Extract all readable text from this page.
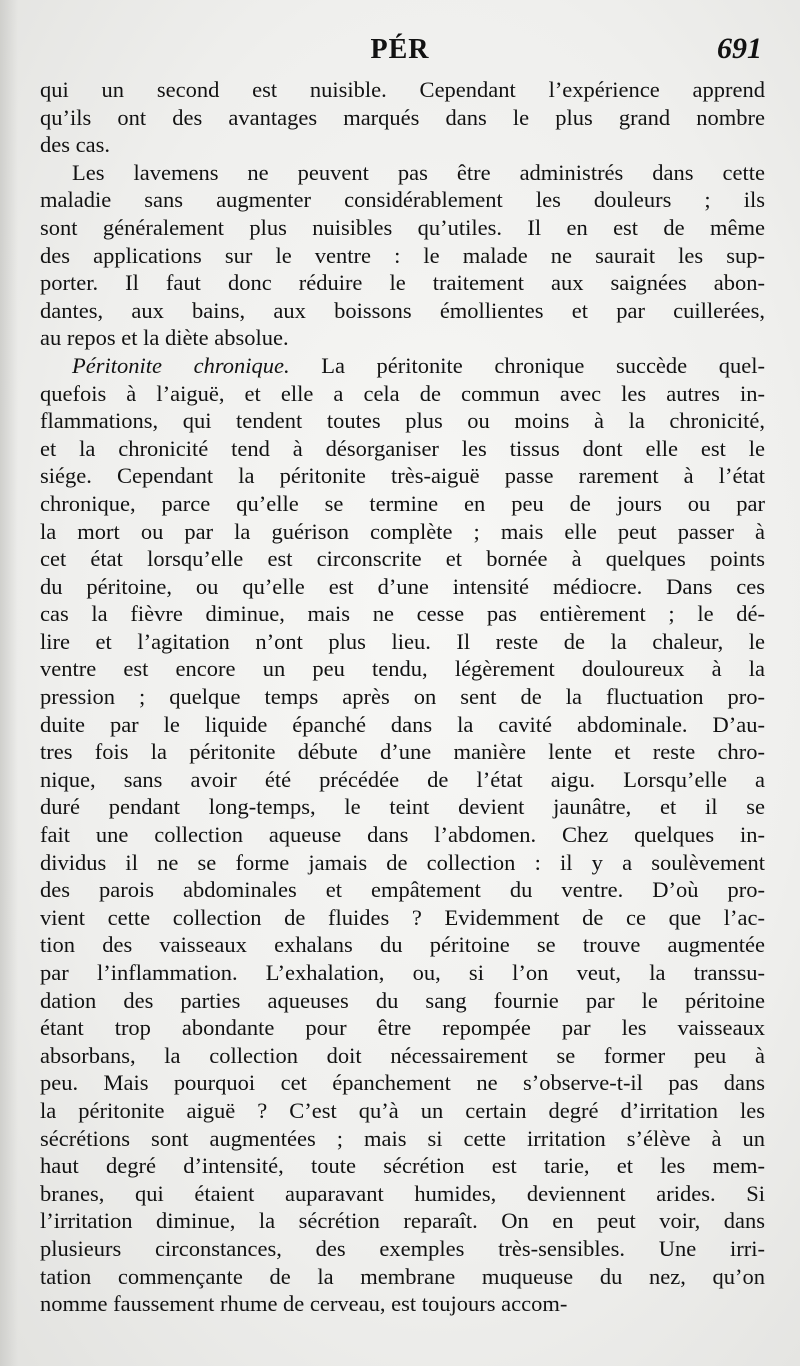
PÉR	691
qui un second est nuisible. Cependant l’expérience apprend
qu’ils ont des avantages marqués dans le plus grand nombre
des cas.
Les lavemens ne peuvent pas être administrés dans cette
maladie sans augmenter considérablement les douleurs ; ils
sont généralement plus nuisibles qu’utiles. Il en est de même
des applications sur le ventre : le malade ne saurait les sup-
porter. Il faut donc réduire le traitement aux saignées abon-
dantes, aux bains, aux boissons émollientes et par cuillerées,
au repos et la diète absolue.
Péritonite chronique. La péritonite chronique succède quel-
quefois à l’aiguë, et elle a cela de commun avec les autres in-
flammations, qui tendent toutes plus ou moins à la chronicité,
et la chronicité tend à désorganiser les tissus dont elle est le
siége. Cependant la péritonite très-aiguë passe rarement à l’état
chronique, parce qu’elle se termine en peu de jours ou par
la mort ou par la guérison complète ; mais elle peut passer à
cet état lorsqu’elle est circonscrite et bornée à quelques points
du péritoine, ou qu’elle est d’une intensité médiocre. Dans ces
cas la fièvre diminue, mais ne cesse pas entièrement ; le dé-
lire et l’agitation n’ont plus lieu. Il reste de la chaleur, le
ventre est encore un peu tendu, légèrement douloureux à la
pression ; quelque temps après on sent de la fluctuation pro-
duite par le liquide épanché dans la cavité abdominale. D’au-
tres fois la péritonite débute d’une manière lente et reste chro-
nique, sans avoir été précédée de l’état aigu. Lorsqu’elle a
duré pendant long-temps, le teint devient jaunâtre, et il se
fait une collection aqueuse dans l’abdomen. Chez quelques in-
dividus il ne se forme jamais de collection : il y a soulèvement
des parois abdominales et empâtement du ventre. D’où pro-
vient cette collection de fluides ? Evidemment de ce que l’ac-
tion des vaisseaux exhalans du péritoine se trouve augmentée
par l’inflammation. L’exhalation, ou, si l’on veut, la transsu-
dation des parties aqueuses du sang fournie par le péritoine
étant trop abondante pour être repompée par les vaisseaux
absorbans, la collection doit nécessairement se former peu à
peu. Mais pourquoi cet épanchement ne s’observe-t-il pas dans
la péritonite aiguë ? C’est qu’à un certain degré d’irritation les
sécrétions sont augmentées ; mais si cette irritation s’élève à un
haut degré d’intensité, toute sécrétion est tarie, et les mem-
branes, qui étaient auparavant humides, deviennent arides. Si
l’irritation diminue, la sécrétion reparaît. On en peut voir, dans
plusieurs circonstances, des exemples très-sensibles. Une irri-
tation commençante de la membrane muqueuse du nez, qu’on
nomme faussement rhume de cerveau, est toujours accom-
